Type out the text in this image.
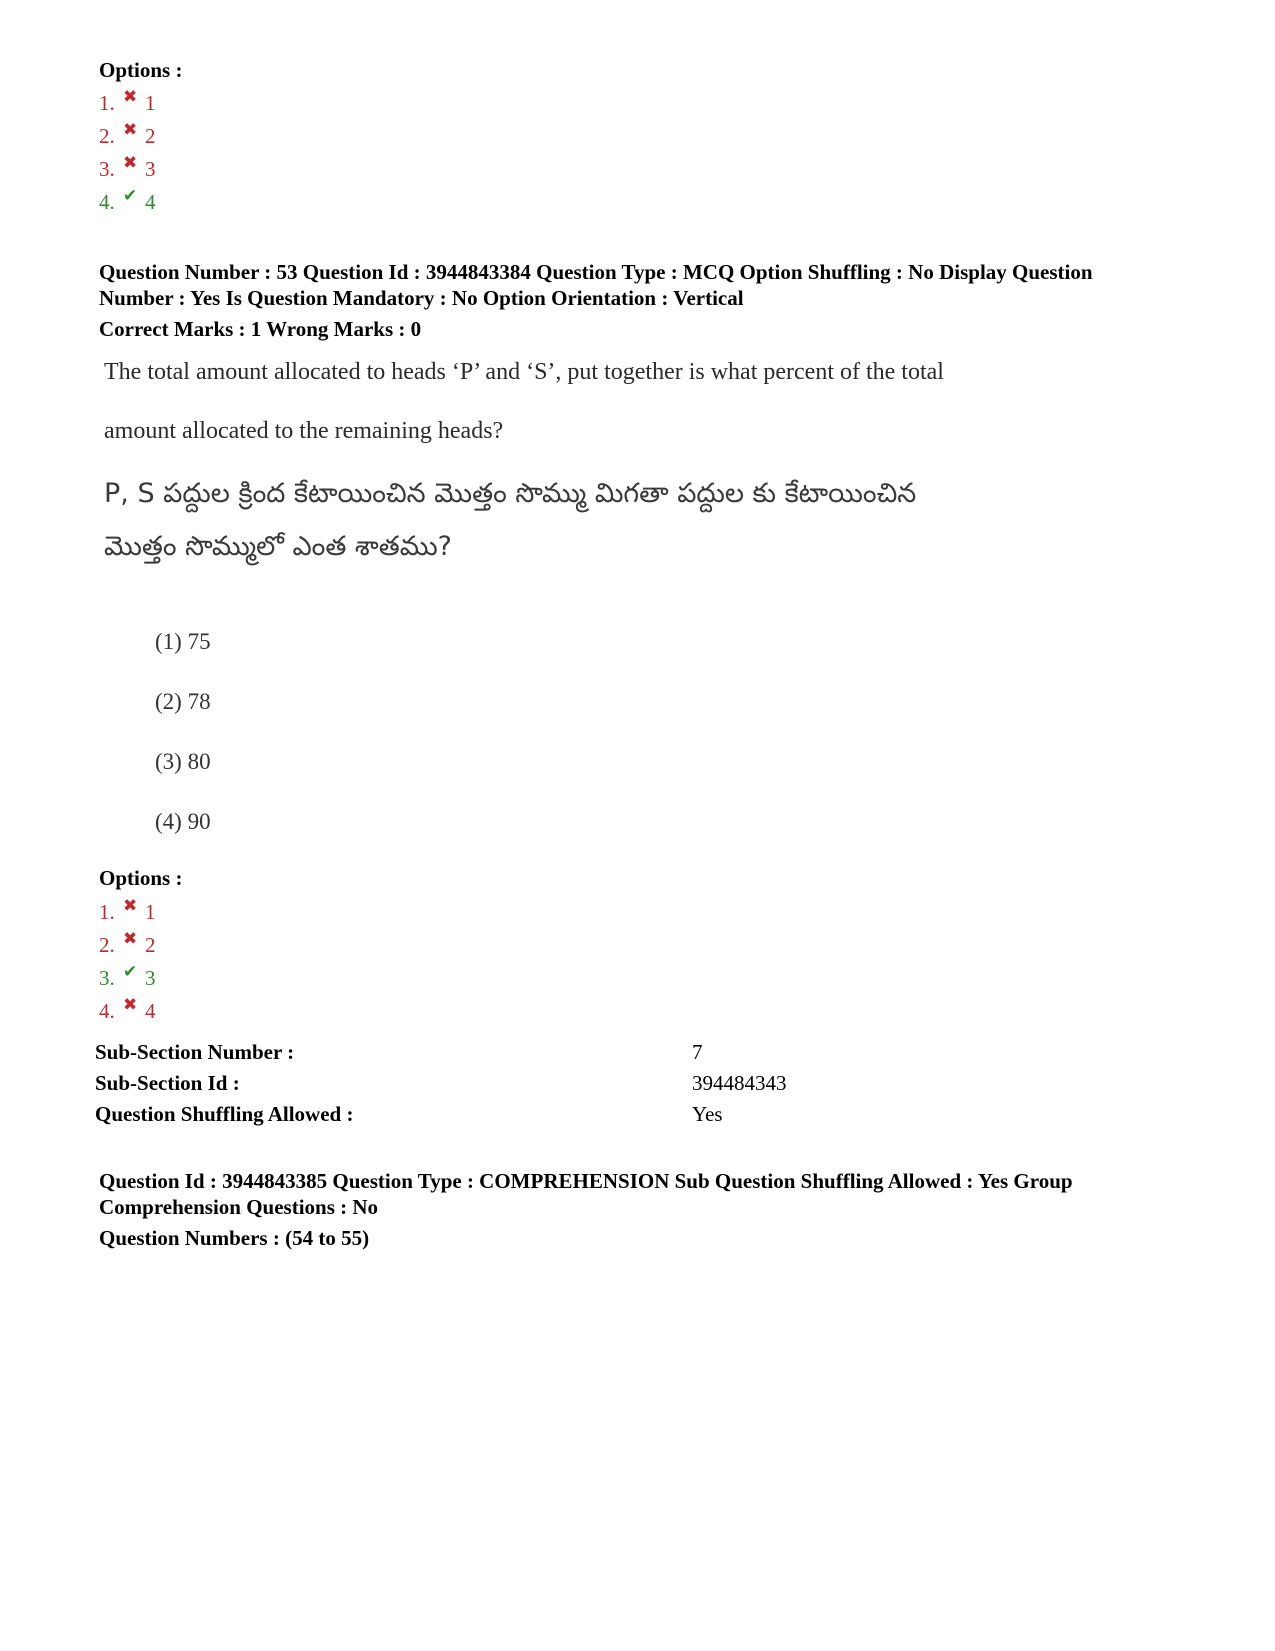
Options :
1. ✖ 1
2. ✖ 2
3. ✖ 3
4. ✔ 4
Question Number : 53 Question Id : 3944843384 Question Type : MCQ Option Shuffling : No Display Question
Number : Yes Is Question Mandatory : No Option Orientation : Vertical
Correct Marks : 1 Wrong Marks : 0
The total amount allocated to heads ‘P’ and ‘S’, put together is what percent of the total
amount allocated to the remaining heads?
P, S పద్దుల క్రింద కేటాయించిన మొత్తం సొమ్ము మిగతా పద్దుల కు కేటాయించిన
మొత్తం సొమ్ములో ఎంత శాతము?
(1) 75
(2) 78
(3) 80
(4) 90
Options :
1. ✖ 1
2. ✖ 2
3. ✔ 3
4. ✖ 4
Sub-Section Number :	7
Sub-Section Id :	394484343
Question Shuffling Allowed :	Yes
Question Id : 3944843385 Question Type : COMPREHENSION Sub Question Shuffling Allowed : Yes Group
Comprehension Questions : No
Question Numbers : (54 to 55)
